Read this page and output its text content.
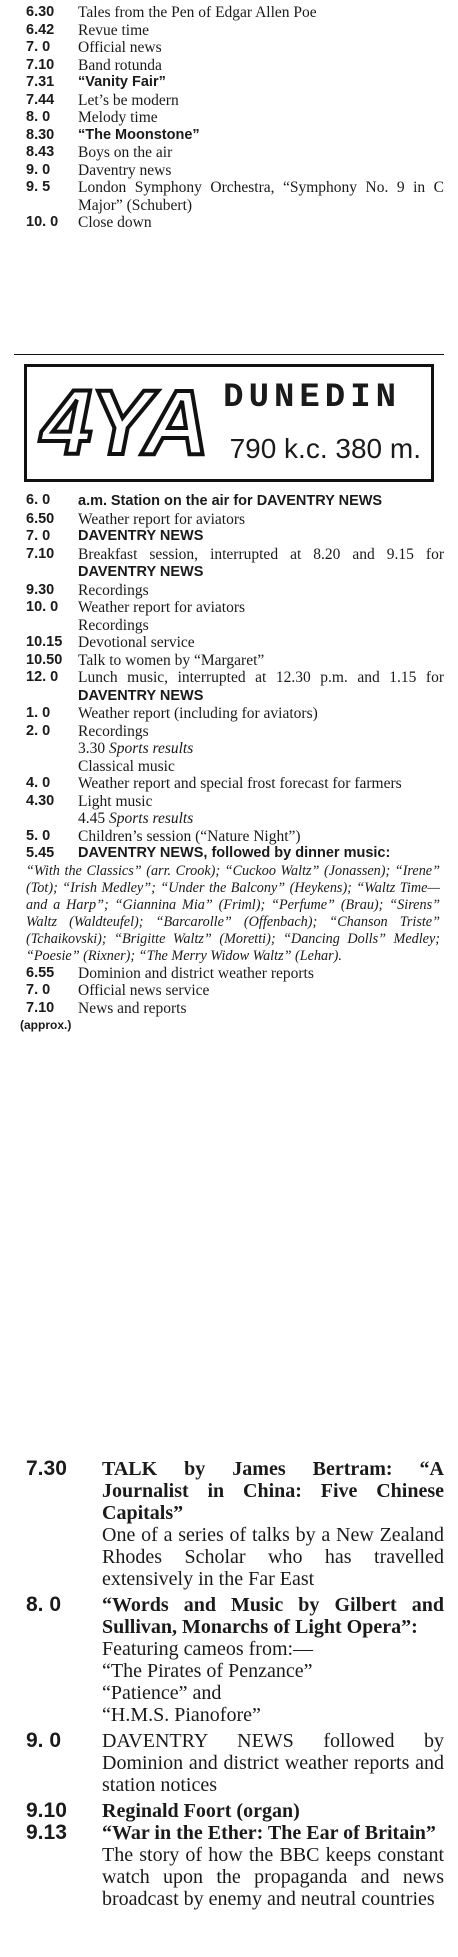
6.30 Tales from the Pen of Edgar Allen Poe
6.42 Revue time
7. 0 Official news
7.10 Band rotunda
7.31 “Vanity Fair”
7.44 Let’s be modern
8. 0 Melody time
8.30 “The Moonstone”
8.43 Boys on the air
9. 0 Daventry news
9. 5 London Symphony Orchestra, “Symphony No. 9 in C Major” (Schubert)
10. 0 Close down
4YA DUNEDIN
790 k.c. 380 m.
6. 0 a.m. Station on the air for DAVENTRY NEWS
6.50 Weather report for aviators
7. 0 DAVENTRY NEWS
7.10 Breakfast session, interrupted at 8.20 and 9.15 for DAVENTRY NEWS
9.30 Recordings
10. 0 Weather report for aviators
Recordings
10.15 Devotional service
10.50 Talk to women by “Margaret”
12. 0 Lunch music, interrupted at 12.30 p.m. and 1.15 for DAVENTRY NEWS
1. 0 Weather report (including for aviators)
2. 0 Recordings
3.30 Sports results
Classical music
4. 0 Weather report and special frost forecast for farmers
4.30 Light music
4.45 Sports results
5. 0 Children’s session (“Nature Night”)
5.45 DAVENTRY NEWS, followed by dinner music:
“With the Classics” (arr. Crook); “Cuckoo Waltz” (Jonassen); “Irene” (Tot); “Irish Medley”; “Under the Balcony” (Heykens); “Waltz Time—and a Harp”; “Giannina Mia” (Friml); “Perfume” (Brau); “Sirens” Waltz (Waldteufel); “Barcarolle” (Offenbach); “Chanson Triste” (Tchaikovski); “Brigitte Waltz” (Moretti); “Dancing Dolls” Medley; “Poesie” (Rixner); “The Merry Widow Waltz” (Lehar).
6.55 Dominion and district weather reports
7. 0 Official news service
7.10 News and reports
(approx.)
7.30 TALK by James Bertram: “A Journalist in China: Five Chinese Capitals”
One of a series of talks by a New Zealand Rhodes Scholar who has travelled extensively in the Far East
8. 0 “Words and Music by Gilbert and Sullivan, Monarchs of Light Opera”:
Featuring cameos from:—
“The Pirates of Penzance”
“Patience” and
“H.M.S. Pianofore”
9. 0 DAVENTRY NEWS followed by Dominion and district weather reports and station notices
9.10 Reginald Foort (organ)
9.13 “War in the Ether: The Ear of Britain”
The story of how the BBC keeps constant watch upon the propaganda and news broadcast by enemy and neutral countries
